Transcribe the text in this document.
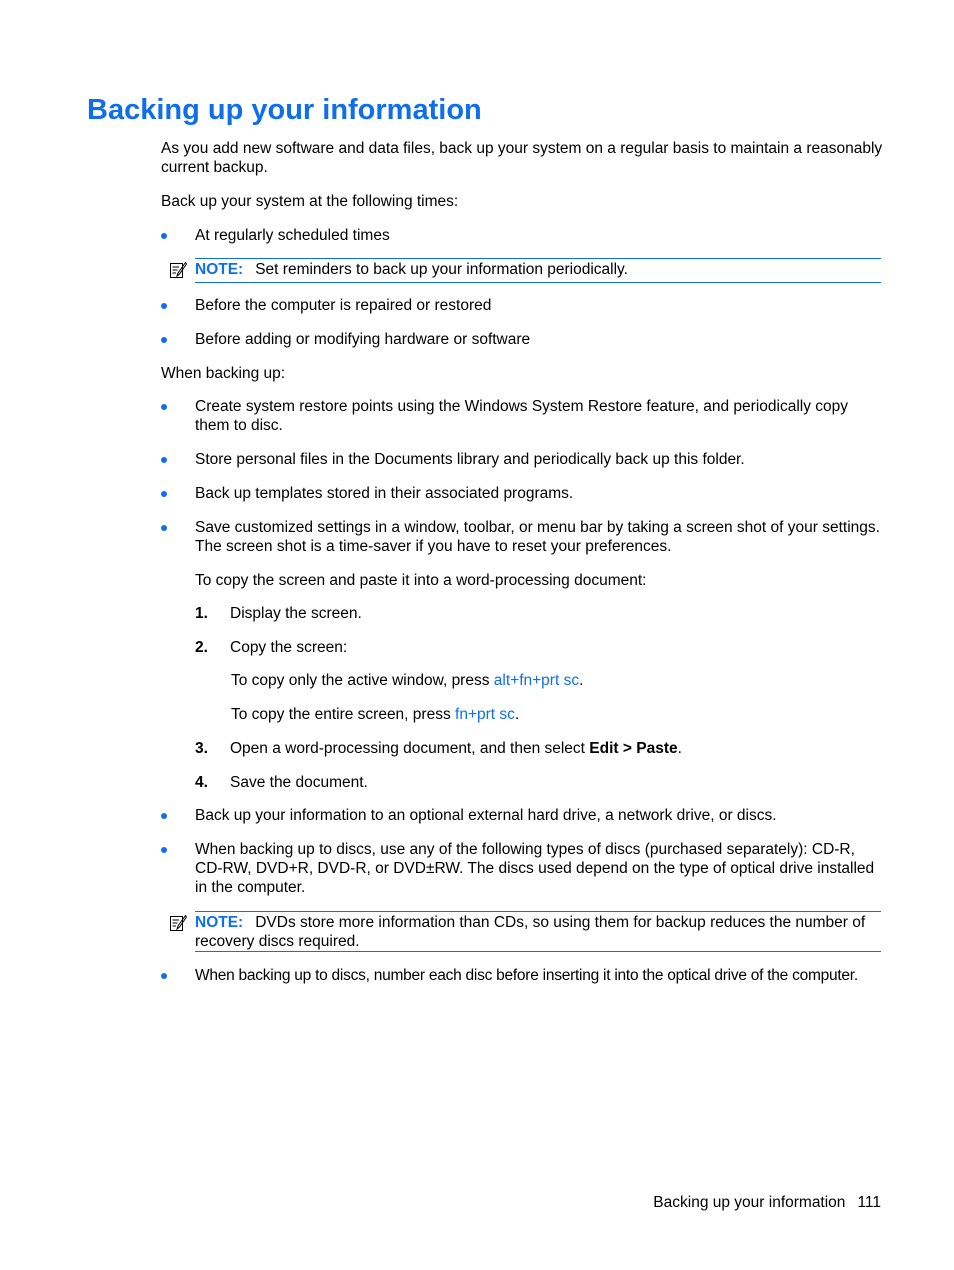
Backing up your information

As you add new software and data files, back up your system on a regular basis to maintain a reasonably current backup.

Back up your system at the following times:

At regularly scheduled times
NOTE: Set reminders to back up your information periodically.
Before the computer is repaired or restored
Before adding or modifying hardware or software

When backing up:

Create system restore points using the Windows System Restore feature, and periodically copy them to disc.
Store personal files in the Documents library and periodically back up this folder.
Back up templates stored in their associated programs.
Save customized settings in a window, toolbar, or menu bar by taking a screen shot of your settings. The screen shot is a time-saver if you have to reset your preferences.

To copy the screen and paste it into a word-processing document:

1. Display the screen.
2. Copy the screen:

To copy only the active window, press alt+fn+prt sc.

To copy the entire screen, press fn+prt sc.

3. Open a word-processing document, and then select Edit > Paste.
4. Save the document.
Back up your information to an optional external hard drive, a network drive, or discs.
When backing up to discs, use any of the following types of discs (purchased separately): CD-R, CD-RW, DVD+R, DVD-R, or DVD±RW. The discs used depend on the type of optical drive installed in the computer.
NOTE: DVDs store more information than CDs, so using them for backup reduces the number of recovery discs required.
When backing up to discs, number each disc before inserting it into the optical drive of the computer.
Backing up your information 111
